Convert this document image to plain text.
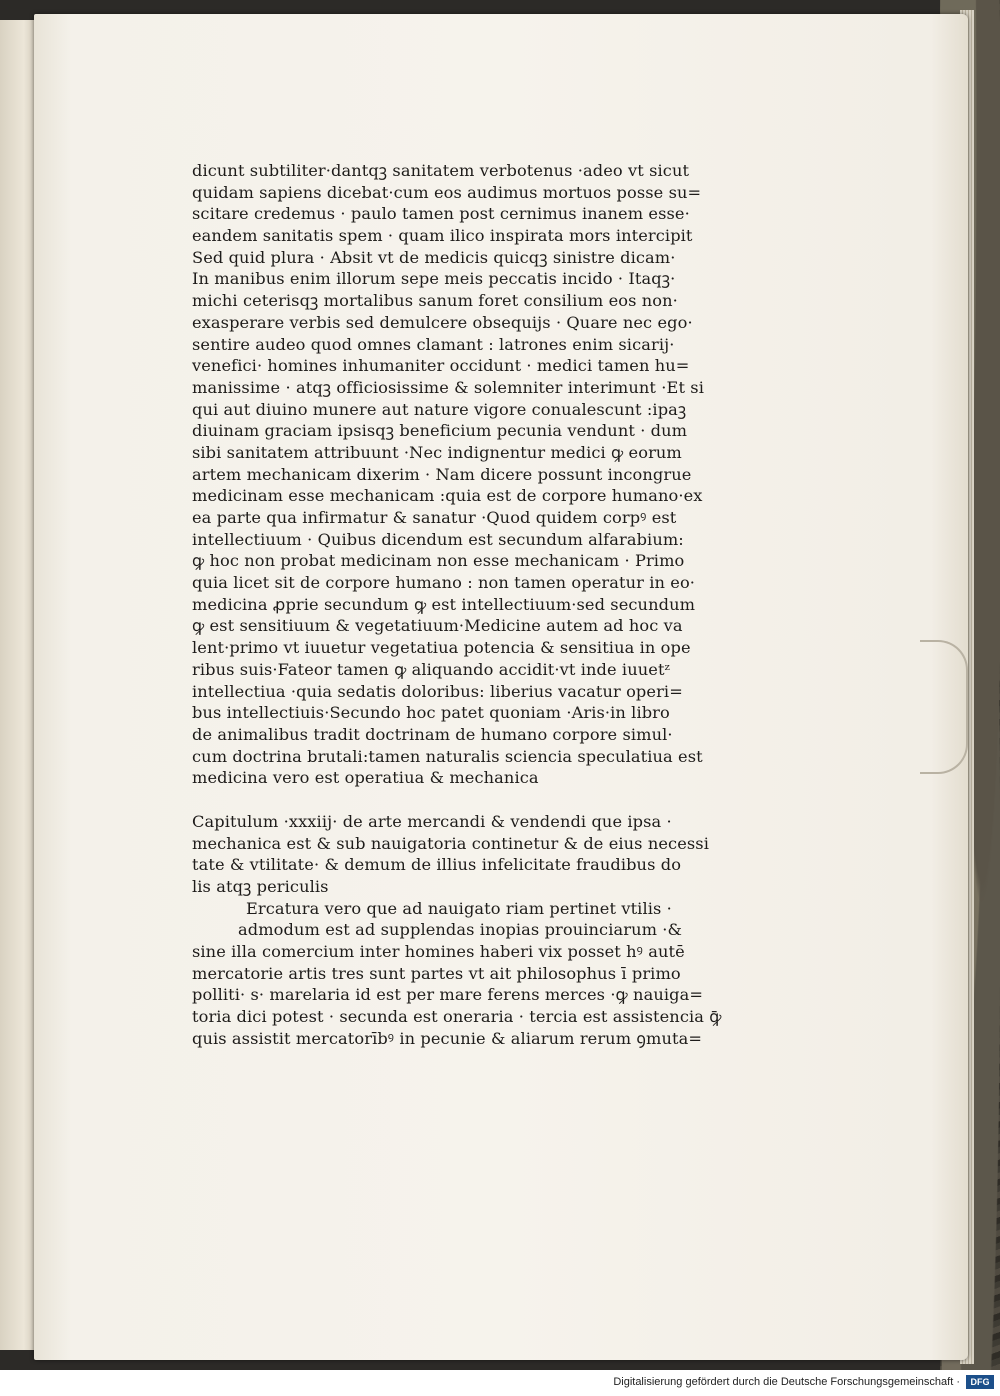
dicunt subtiliter·dantqꝫ sanitatem verbotenus ·adeo vt sicut
quidam sapiens dicebat·cum eos audimus mortuos posse su=
scitare credemus · paulo tamen post cernimus inanem esse·
eandem sanitatis spem · quam ilico inspirata mors intercipit
Sed quid plura · Absit vt de medicis quicqꝫ sinistre dicam·
In manibus enim illorum sepe meis peccatis incido · Itaqꝫ·
michi ceterisqꝫ mortalibus sanum foret consilium eos non·
exasperare verbis sed demulcere obsequijs · Quare nec ego·
sentire audeo quod omnes clamant : latrones enim sicarij·
venefici· homines inhumaniter occidunt · medici tamen hu=
manissime · atqꝫ officiosissime & solemniter interimunt ·Et si
qui aut diuino munere aut nature vigore conualescunt :ipaꝫ
diuinam graciam ipsisqꝫ beneficium pecunia vendunt · dum
sibi sanitatem attribuunt ·Nec indignentur medici ꝙ eorum
artem mechanicam dixerim · Nam dicere possunt incongrue
medicinam esse mechanicam :quia est de corpore humano·ex
ea parte qua infirmatur & sanatur ·Quod quidem corpꝰ est
intellectiuum · Quibus dicendum est secundum alfarabium:
ꝙ hoc non probat medicinam non esse mechanicam · Primo
quia licet sit de corpore humano : non tamen operatur in eo·
medicina ꝓprie secundum ꝙ est intellectiuum·sed secundum
ꝙ est sensitiuum & vegetatiuum·Medicine autem ad hoc va
lent·primo vt iuuetur vegetatiua potencia & sensitiua in ope
ribus suis·Fateor tamen ꝙ aliquando accidit·vt inde iuuetᶻ
intellectiua ·quia sedatis doloribus: liberius vacatur operi=
bus intellectiuis·Secundo hoc patet quoniam ·Aris·in libro
de animalibus tradit doctrinam de humano corpore simul·
cum doctrina brutali:tamen naturalis sciencia speculatiua est
medicina vero est operatiua & mechanica
Capitulum ·xxxiij· de arte mercandi & vendendi que ipsa ·
mechanica est & sub nauigatoria continetur & de eius necessi
tate & vtilitate· & demum de illius infelicitate fraudibus do
lis atqꝫ periculis
Ercatura vero que ad nauigato riam pertinet vtilis ·
admodum est ad supplendas inopias prouinciarum ·&
sine illa comercium inter homines haberi vix posset hꝰ autē
mercatorie artis tres sunt partes vt ait philosophus ī primo
polliti· s· marelaria id est per mare ferens merces ·ꝙ nauiga=
toria dici potest · secunda est oneraria · tercia est assistencia ꝙ̄
quis assistit mercatorībꝰ in pecunie & aliarum rerum ꝯmuta=
Digitalisierung gefördert durch die Deutsche Forschungsgemeinschaft ·	DFG
